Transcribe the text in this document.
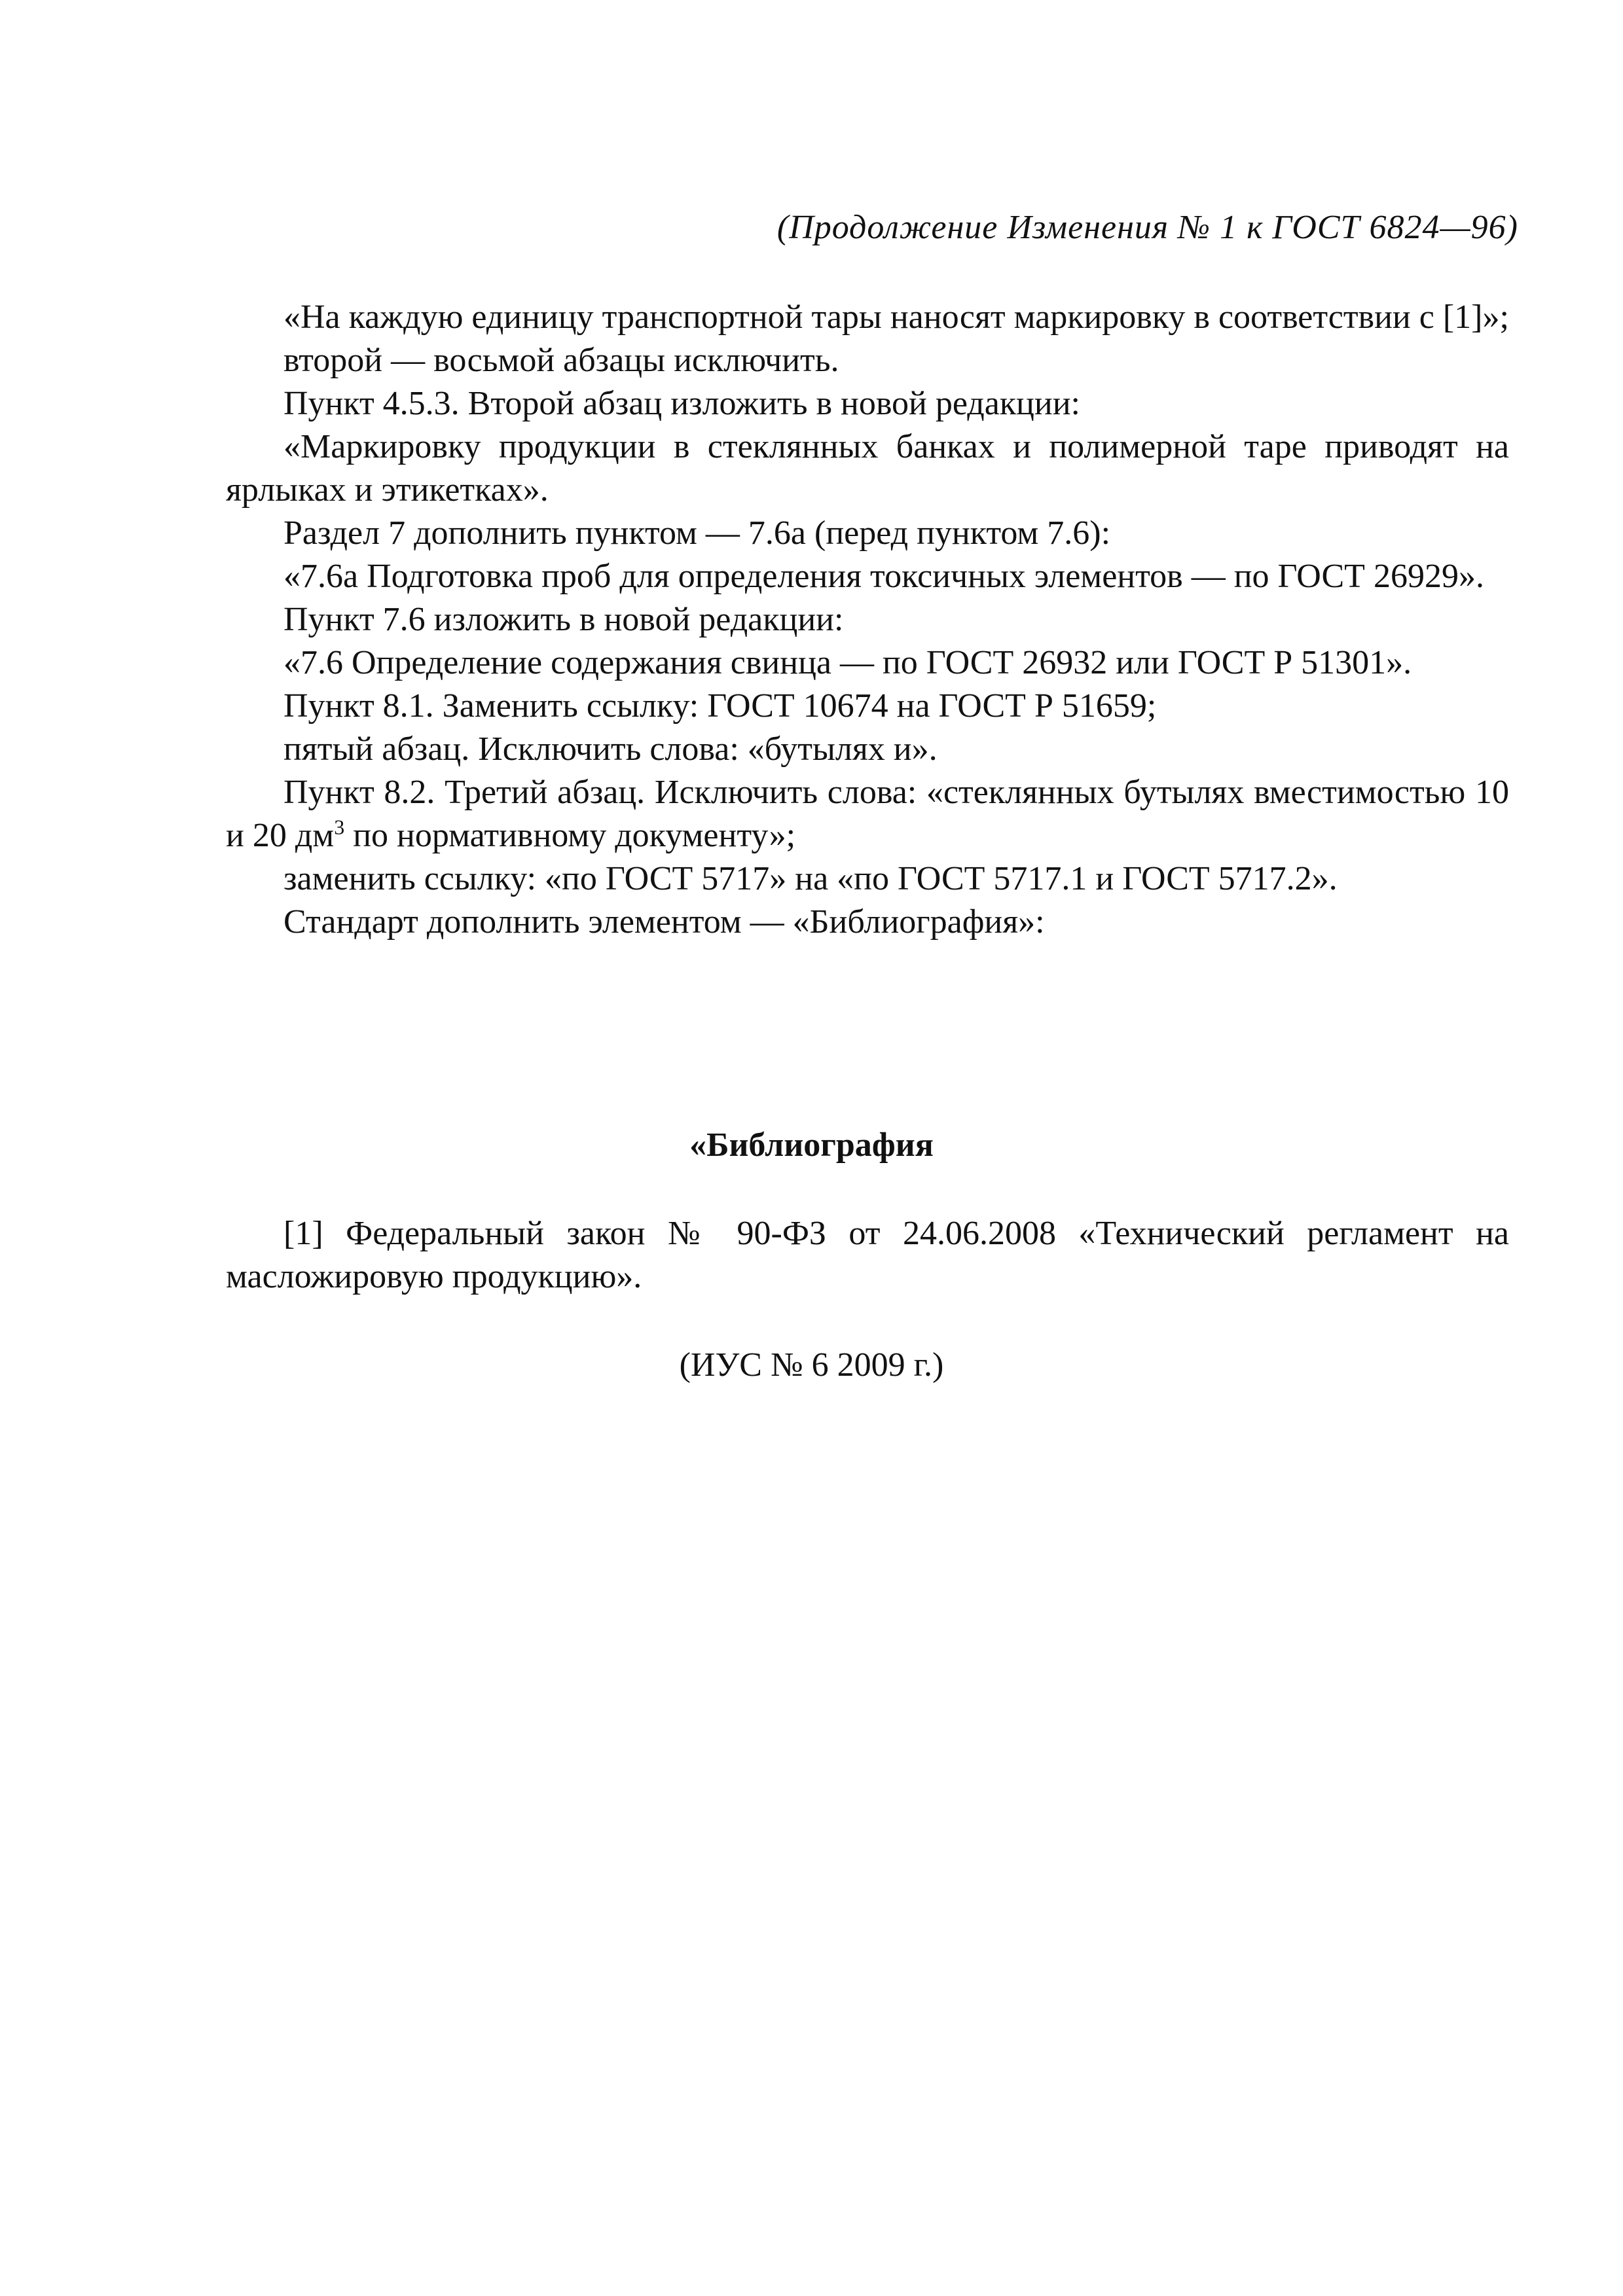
(Продолжение Изменения № 1 к ГОСТ 6824—96)

«На каждую единицу транспортной тары наносят маркировку в соответствии с [1]»;

второй — восьмой абзацы исключить.

Пункт 4.5.3. Второй абзац изложить в новой редакции:

«Маркировку продукции в стеклянных банках и полимерной таре приводят на ярлыках и этикетках».

Раздел 7 дополнить пунктом — 7.6а (перед пунктом 7.6):

«7.6а Подготовка проб для определения токсичных элементов — по ГОСТ 26929».

Пункт 7.6 изложить в новой редакции:

«7.6 Определение содержания свинца — по ГОСТ 26932 или ГОСТ Р 51301».

Пункт 8.1. Заменить ссылку: ГОСТ 10674 на ГОСТ Р 51659;

пятый абзац. Исключить слова: «бутылях и».

Пункт 8.2. Третий абзац. Исключить слова: «стеклянных бутылях вместимостью 10 и 20 $дм^3$ по нормативному документу»;

заменить ссылку: «по ГОСТ 5717» на «по ГОСТ 5717.1 и ГОСТ 5717.2».

Стандарт дополнить элементом — «Библиография»:

«Библиография

[1] Федеральный закон № 90-ФЗ от 24.06.2008 «Технический регламент на масложировую продукцию».

(ИУС № 6 2009 г.)
